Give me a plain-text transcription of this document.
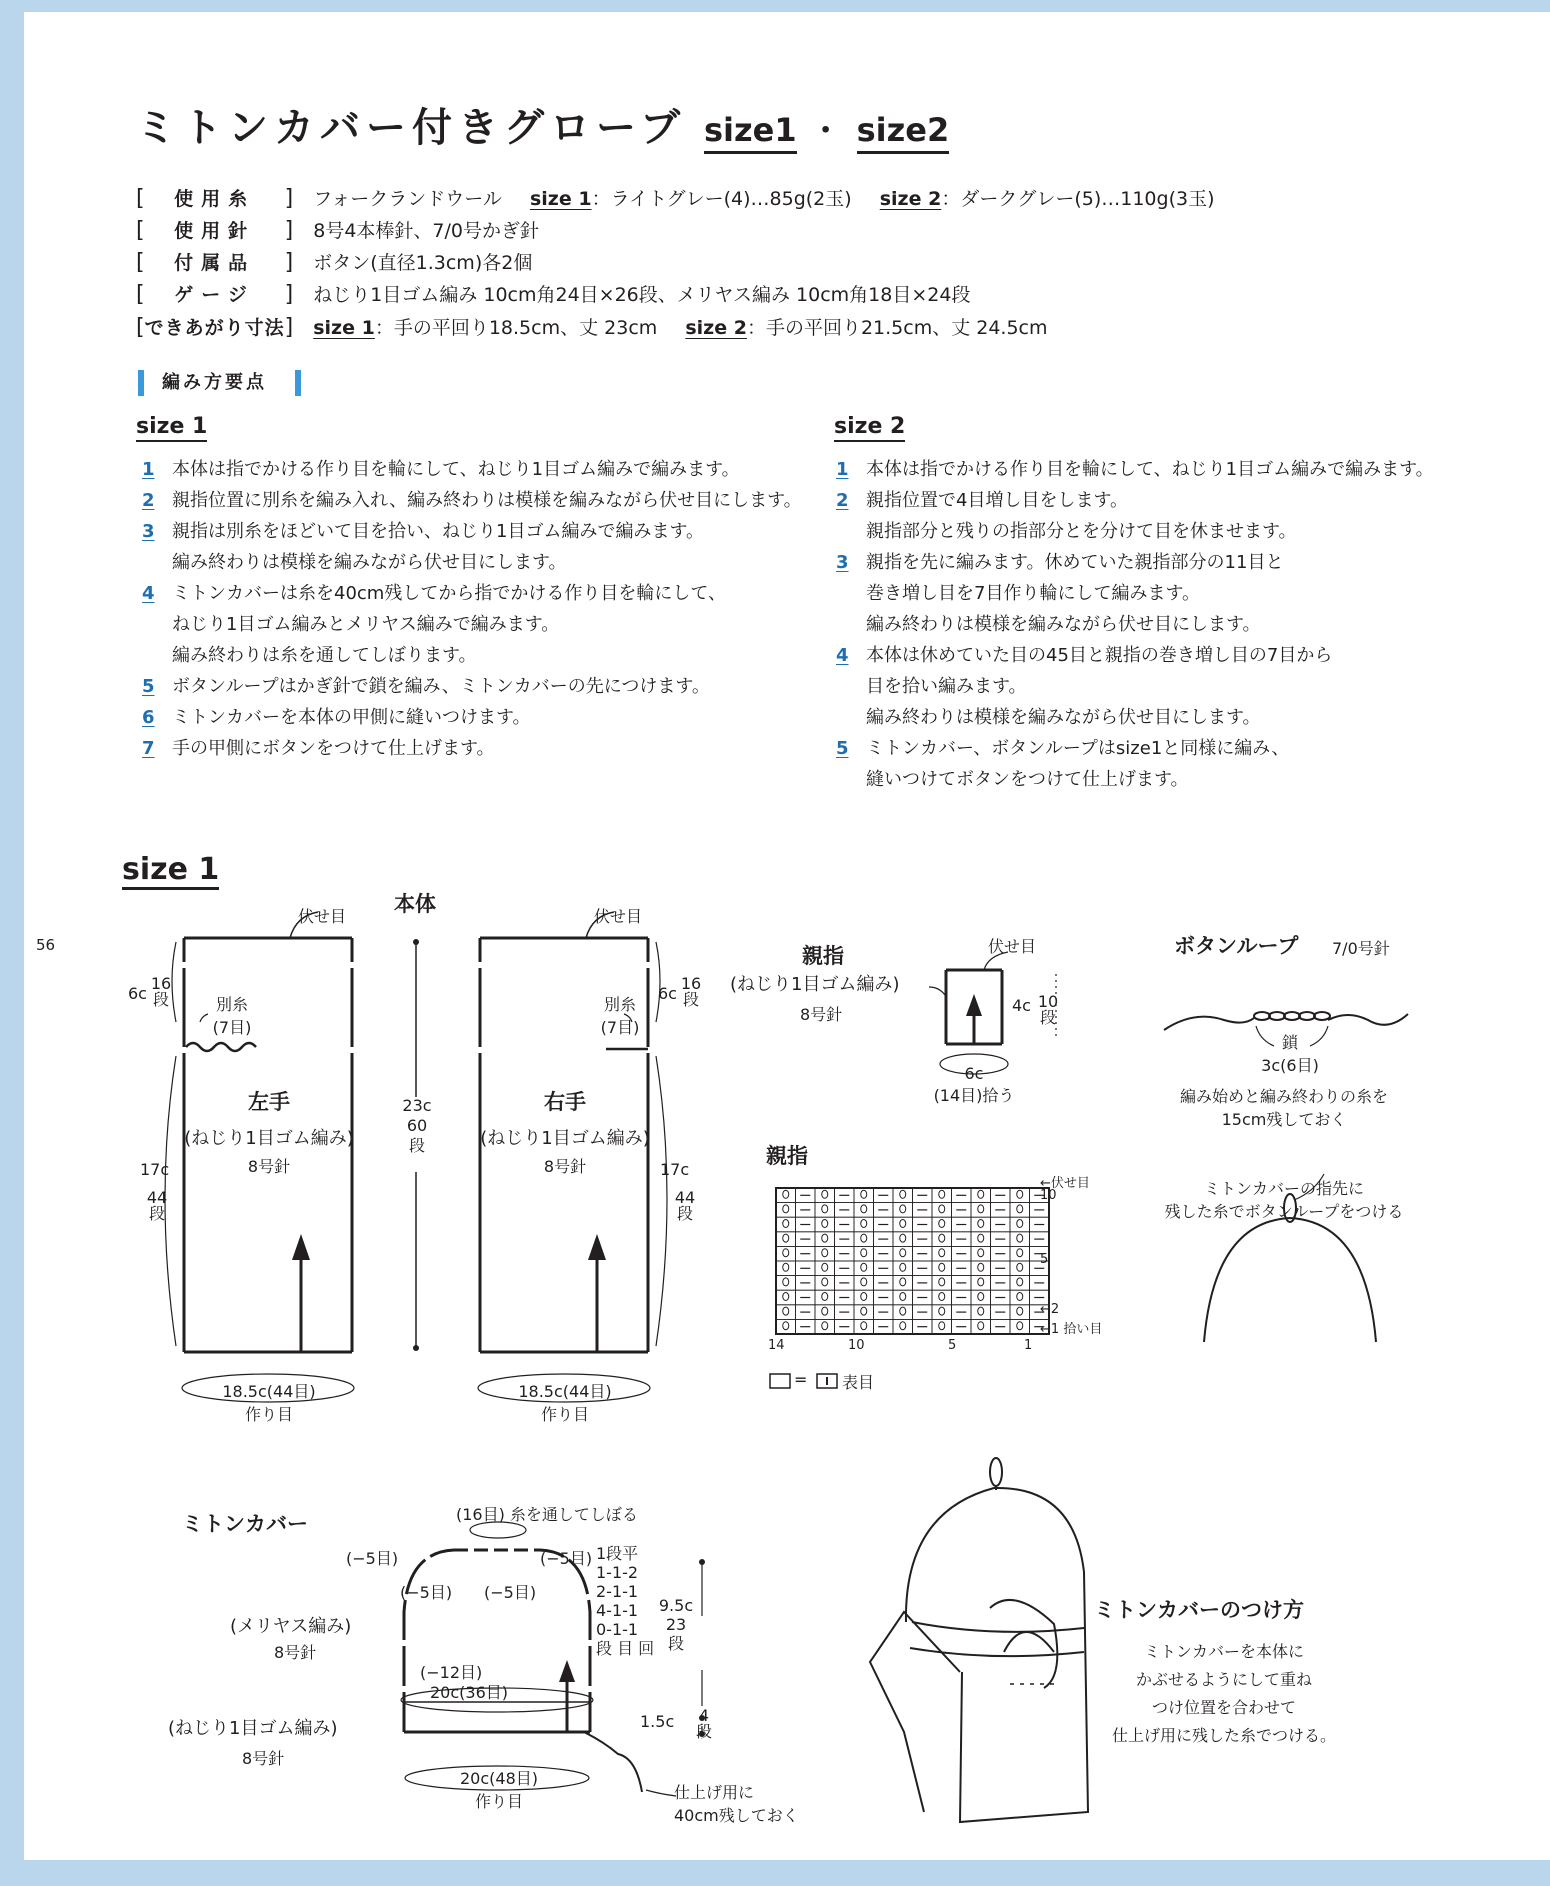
ミトンカバー付きグローブ size1 ・ size2
[ 使用糸 ] フォークランドウール size 1：ライトグレー(4)…85g(2玉) size 2：ダークグレー(5)…110g(3玉)
[ 使用針 ] 8号4本棒針、7/0号かぎ針
[ 付属品 ] ボタン(直径1.3cm)各2個
[ ゲージ ] ねじり1目ゴム編み 10cm角24目×26段、メリヤス編み 10cm角18目×24段
[できあがり寸法] size 1：手の平回り18.5cm、丈 23cm size 2：手の平回り21.5cm、丈 24.5cm
編み方要点
size 1
1 本体は指でかける作り目を輪にして、ねじり1目ゴム編みで編みます。
2 親指位置に別糸を編み入れ、編み終わりは模様を編みながら伏せ目にします。
3 親指は別糸をほどいて目を拾い、ねじり1目ゴム編みで編みます。
編み終わりは模様を編みながら伏せ目にします。
4 ミトンカバーは糸を40cm残してから指でかける作り目を輪にして、
ねじり1目ゴム編みとメリヤス編みで編みます。
編み終わりは糸を通してしぼります。
5 ボタンループはかぎ針で鎖を編み、ミトンカバーの先につけます。
6 ミトンカバーを本体の甲側に縫いつけます。
7 手の甲側にボタンをつけて仕上げます。
size 2
1 本体は指でかける作り目を輪にして、ねじり1目ゴム編みで編みます。
2 親指位置で4目増し目をします。
親指部分と残りの指部分とを分けて目を休ませます。
3 親指を先に編みます。休めていた親指部分の11目と
巻き増し目を7目作り輪にして編みます。
編み終わりは模様を編みながら伏せ目にします。
4 本体は休めていた目の45目と親指の巻き増し目の7目から
目を拾い編みます。
編み終わりは模様を編みながら伏せ目にします。
5 ミトンカバー、ボタンループはsize1と同様に編み、
縫いつけてボタンをつけて仕上げます。
56
size 1
本体
伏せ目
6c
16
段	別糸
(7目)
左手
(ねじり1目ゴム編み)
8号針
17c
44
段
18.5c(44目)
作り目
23c
60
段
伏せ目
6c
16
段
別糸
(7目)
右手
(ねじり1目ゴム編み)
8号針	17c
44
段
18.5c(44目)
作り目
親指
(ねじり1目ゴム編み)
8号針
伏せ目
4c 10
段
6c
(14目)拾う
ボタンループ 7/0号針
鎖
3c(6目)
編み始めと編み終わりの糸を
15cm残しておく
ミトンカバーの指先に
残した糸でボタンループをつける
親指
←伏せ目
10
5
←2
←1 拾い目
14	10	5	1
= 表目
ミトンカバー	(16目) 糸を通してしぼる
(−5目)	(−5目)
(−5目) (−5目)
(メリヤス編み)
8号針
(−12目)
20c(36目)
(ねじり1目ゴム編み)
8号針
20c(48目)
作り目
1段平
1-1-2
2-1-1
4-1-1
0-1-1
段 目 回
9.5c
23
段
1.5c	4
段
仕上げ用に
40cm残しておく
ミトンカバーのつけ方
ミトンカバーを本体に
かぶせるようにして重ね
つけ位置を合わせて
仕上げ用に残した糸でつける。
